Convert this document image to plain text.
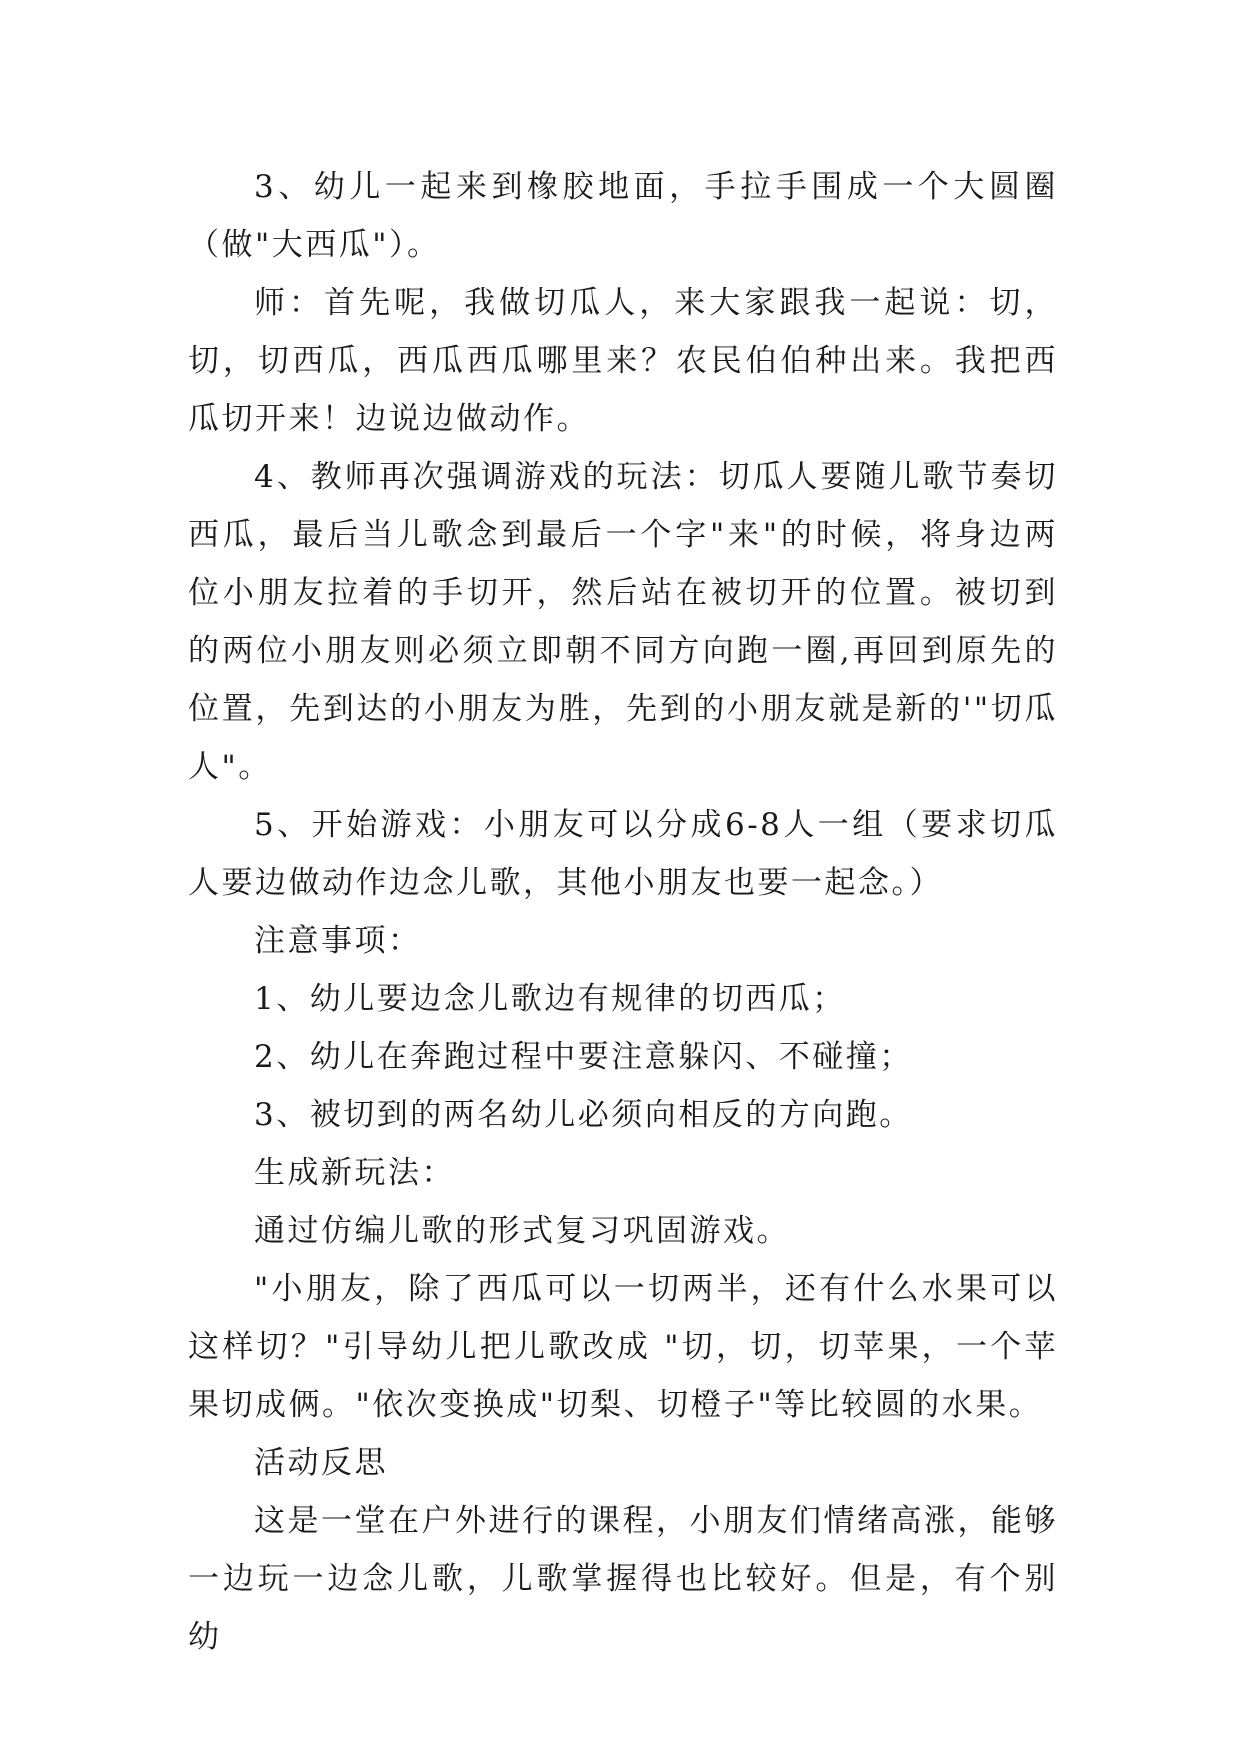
3、幼儿一起来到橡胶地面，手拉手围成一个大圆圈（做"大西瓜"）。

师：首先呢，我做切瓜人，来大家跟我一起说：切，切，切西瓜，西瓜西瓜哪里来？农民伯伯种出来。我把西瓜切开来！边说边做动作。

4、教师再次强调游戏的玩法：切瓜人要随儿歌节奏切西瓜，最后当儿歌念到最后一个字"来"的时候，将身边两位小朋友拉着的手切开，然后站在被切开的位置。被切到的两位小朋友则必须立即朝不同方向跑一圈,再回到原先的位置，先到达的小朋友为胜，先到的小朋友就是新的'"切瓜人"。

5、开始游戏：小朋友可以分成6-8人一组（要求切瓜人要边做动作边念儿歌，其他小朋友也要一起念。）

注意事项：

1、幼儿要边念儿歌边有规律的切西瓜；

2、幼儿在奔跑过程中要注意躲闪、不碰撞；

3、被切到的两名幼儿必须向相反的方向跑。

生成新玩法：

通过仿编儿歌的形式复习巩固游戏。

"小朋友，除了西瓜可以一切两半，还有什么水果可以这样切？"引导幼儿把儿歌改成 "切，切，切苹果，一个苹果切成俩。"依次变换成"切梨、切橙子"等比较圆的水果。

活动反思

这是一堂在户外进行的课程，小朋友们情绪高涨，能够一边玩一边念儿歌，儿歌掌握得也比较好。但是，有个别幼
